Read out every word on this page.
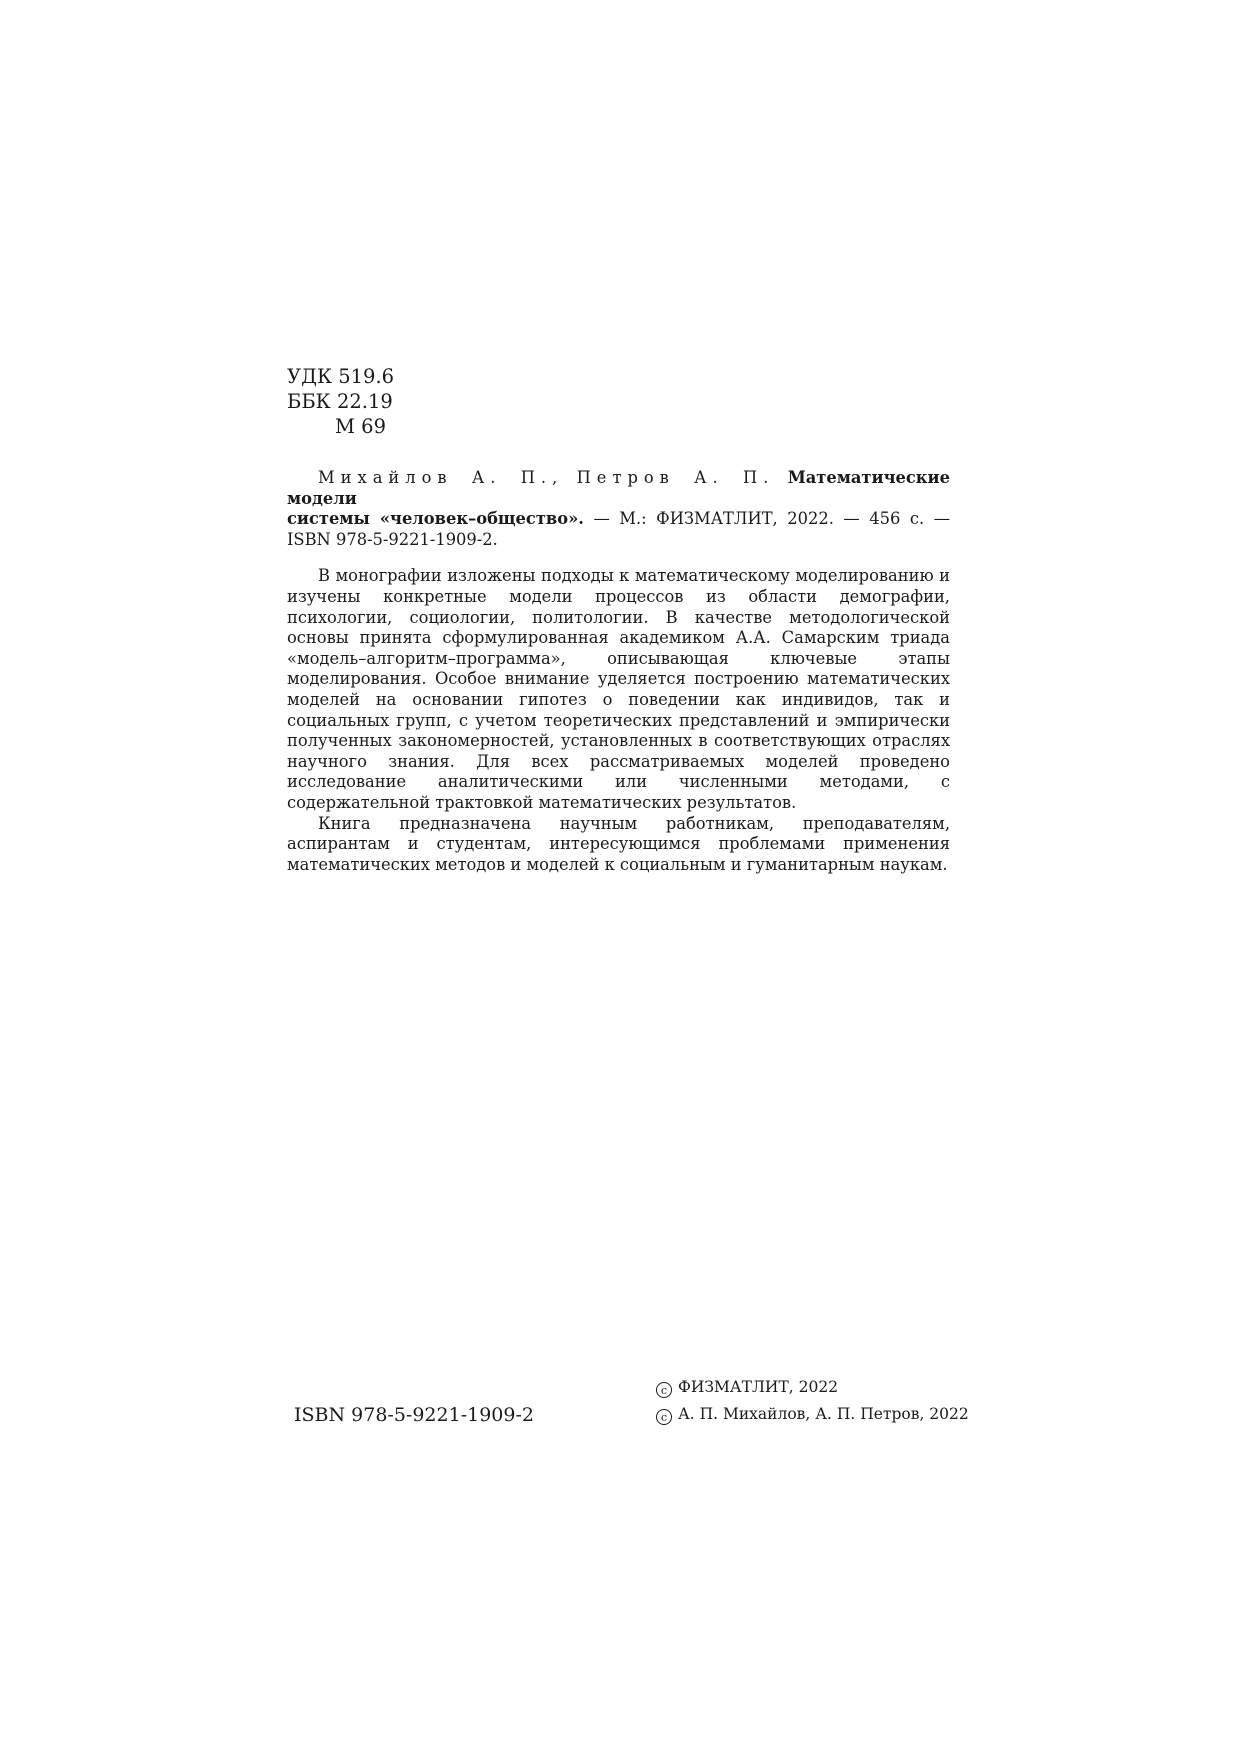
УДК 519.6
ББК 22.19
М 69

Михайлов А. П., Петров А. П. Математические модели
системы «человек–общество». — М.: ФИЗМАТЛИТ, 2022. — 456 с. —
ISBN 978-5-9221-1909-2.

В монографии изложены подходы к математическому моделированию и изучены конкретные модели процессов из области демографии, психологии, социологии, политологии. В качестве методологической основы принята сформулированная академиком А.А. Самарским триада «модель–алгоритм–программа», описывающая ключевые этапы моделирования. Особое внимание уделяется построению математических моделей на основании гипотез о поведении как индивидов, так и социальных групп, с учетом теоретических представлений и эмпирически полученных закономерностей, установленных в соответствующих отраслях научного знания. Для всех рассматриваемых моделей проведено исследование аналитическими или численными методами, с содержательной трактовкой математических результатов.

Книга предназначена научным работникам, преподавателям, аспирантам и студентам, интересующимся проблемами применения математических методов и моделей к социальным и гуманитарным наукам.

ISBN 978-5-9221-1909-2
c ФИЗМАТЛИТ, 2022
c А. П. Михайлов, А. П. Петров, 2022
